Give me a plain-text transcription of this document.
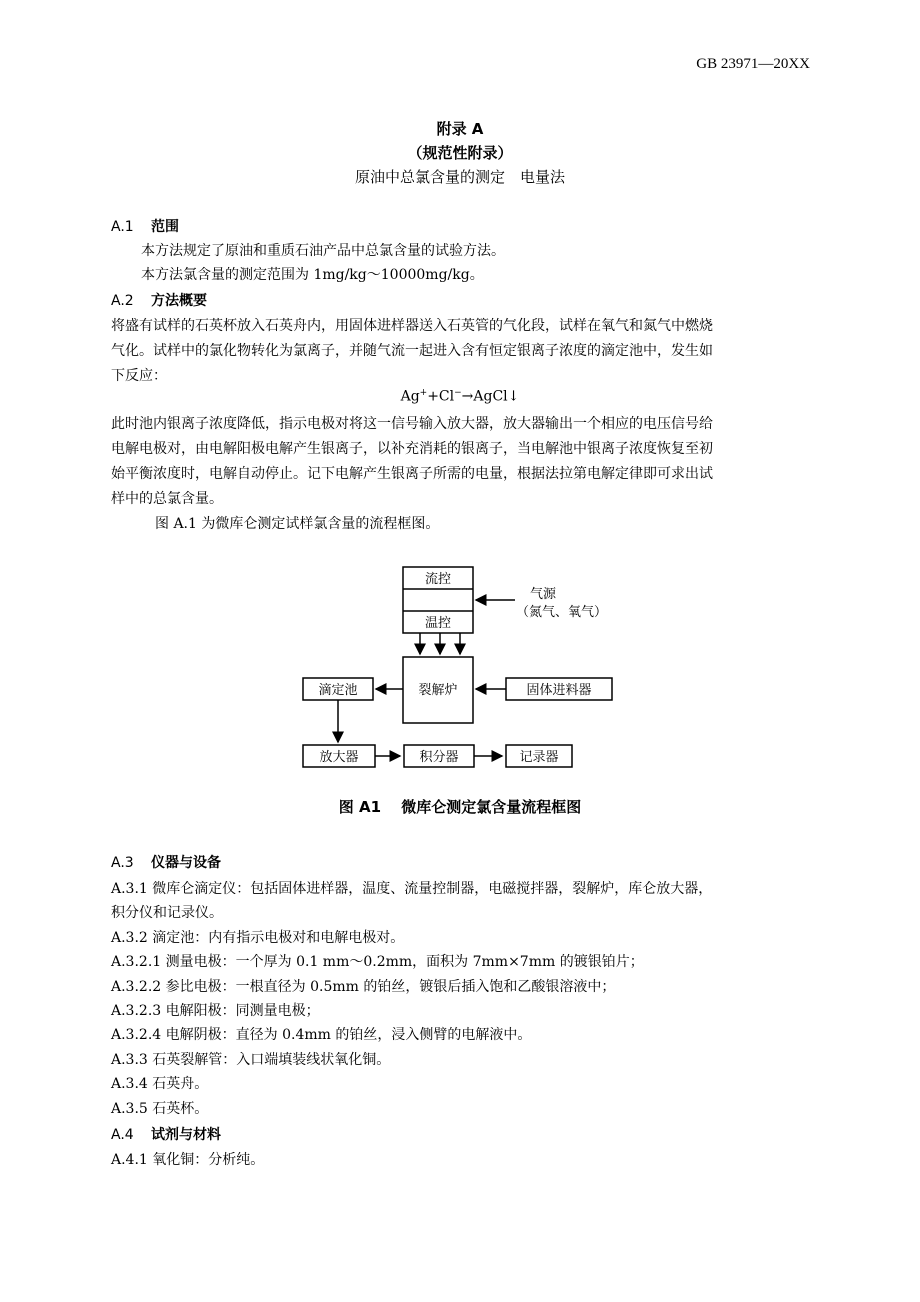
GB 23971—20XX
附录 A
（规范性附录）
原油中总氯含量的测定　电量法
A.1 范围
本方法规定了原油和重质石油产品中总氯含量的试验方法。
本方法氯含量的测定范围为 1mg/kg～10000mg/kg。
A.2 方法概要
将盛有试样的石英杯放入石英舟内，用固体进样器送入石英管的气化段，试样在氧气和氮气中燃烧
气化。试样中的氯化物转化为氯离子，并随气流一起进入含有恒定银离子浓度的滴定池中，发生如
下反应：
Ag++Cl−→AgCl↓
此时池内银离子浓度降低，指示电极对将这一信号输入放大器，放大器输出一个相应的电压信号给
电解电极对，由电解阳极电解产生银离子，以补充消耗的银离子，当电解池中银离子浓度恢复至初
始平衡浓度时，电解自动停止。记下电解产生银离子所需的电量，根据法拉第电解定律即可求出试
样中的总氯含量。
图 A.1 为微库仑测定试样氯含量的流程框图。
流控
温控
气源
（氮气、氧气）
裂解炉
滴定池	固体进料器
放大器	积分器	记录器
图 A1　 微库仑测定氯含量流程框图
A.3 仪器与设备
A.3.1 微库仑滴定仪：包括固体进样器，温度、流量控制器，电磁搅拌器，裂解炉，库仑放大器，
积分仪和记录仪。
A.3.2 滴定池：内有指示电极对和电解电极对。
A.3.2.1 测量电极：一个厚为 0.1 mm～0.2mm，面积为 7mm×7mm 的镀银铂片；
A.3.2.2 参比电极：一根直径为 0.5mm 的铂丝，镀银后插入饱和乙酸银溶液中；
A.3.2.3 电解阳极：同测量电极；
A.3.2.4 电解阴极：直径为 0.4mm 的铂丝，浸入侧臂的电解液中。
A.3.3 石英裂解管：入口端填装线状氧化铜。
A.3.4 石英舟。
A.3.5 石英杯。
A.4 试剂与材料
A.4.1 氧化铜：分析纯。
